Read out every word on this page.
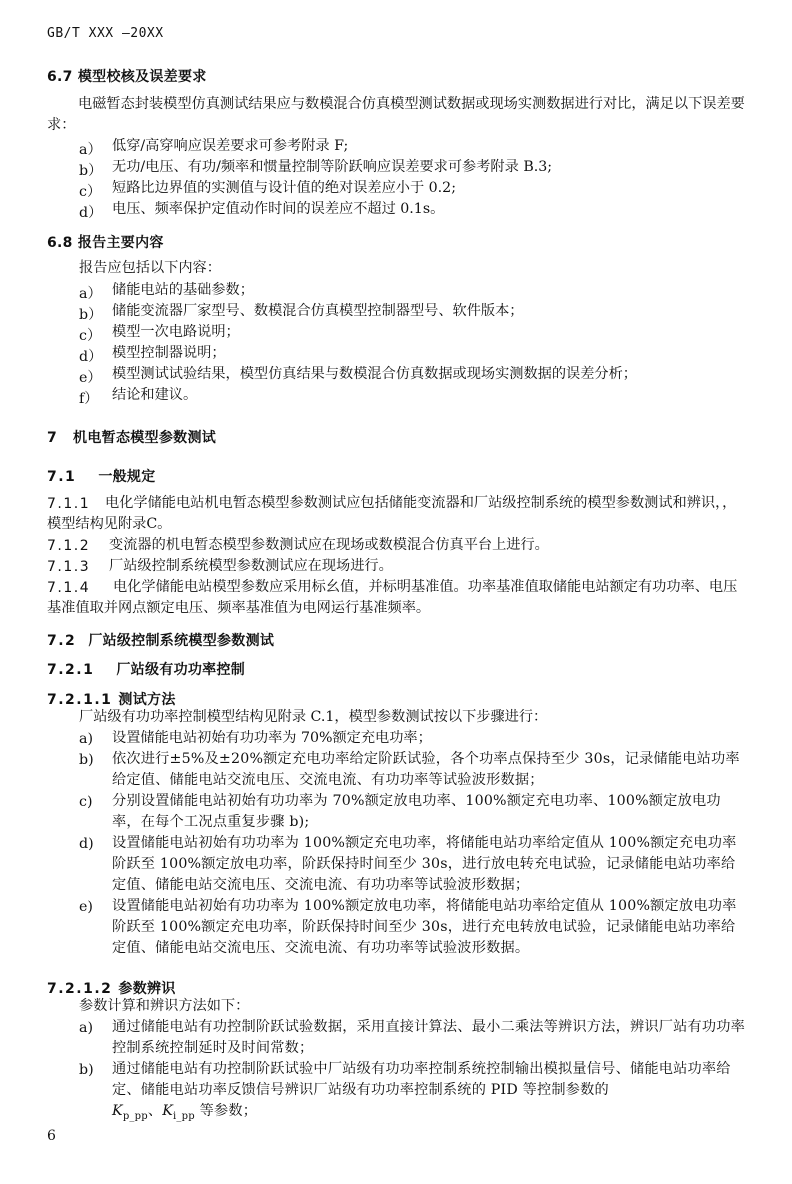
GB/T XXX —20XX
6.7 模型校核及误差要求
电磁暂态封装模型仿真测试结果应与数模混合仿真模型测试数据或现场实测数据进行对比，满足以下误差要求：
a） 低穿/高穿响应误差要求可参考附录 F;
b） 无功/电压、有功/频率和惯量控制等阶跃响应误差要求可参考附录 B.3;
c） 短路比边界值的实测值与设计值的绝对误差应小于 0.2;
d） 电压、频率保护定值动作时间的误差应不超过 0.1s。
6.8 报告主要内容
报告应包括以下内容：
a） 储能电站的基础参数；
b） 储能变流器厂家型号、数模混合仿真模型控制器型号、软件版本；
c） 模型一次电路说明；
d） 模型控制器说明；
e） 模型测试试验结果，模型仿真结果与数模混合仿真数据或现场实测数据的误差分析；
f） 结论和建议。
7 机电暂态模型参数测试
7.1 一般规定
7.1.1	电化学储能电站机电暂态模型参数测试应包括储能变流器和厂站级控制系统的模型参数测试和辨识，，模型结构见附录C。
7.1.2	变流器的机电暂态模型参数测试应在现场或数模混合仿真平台上进行。
7.1.3	厂站级控制系统模型参数测试应在现场进行。
7.1.4	电化学储能电站模型参数应采用标幺值，并标明基准值。功率基准值取储能电站额定有功功率、电压基准值取并网点额定电压、频率基准值为电网运行基准频率。
7.2 厂站级控制系统模型参数测试
7.2.1 厂站级有功功率控制
7.2.1.1 测试方法
厂站级有功功率控制模型结构见附录 C.1，模型参数测试按以下步骤进行：
a) 设置储能电站初始有功功率为 70%额定充电功率；
b) 依次进行±5%及±20%额定充电功率给定阶跃试验，各个功率点保持至少 30s，记录储能电站功率给定值、储能电站交流电压、交流电流、有功功率等试验波形数据；
c) 分别设置储能电站初始有功功率为 70%额定放电功率、100%额定充电功率、100%额定放电功率，在每个工况点重复步骤 b);
d) 设置储能电站初始有功功率为 100%额定充电功率，将储能电站功率给定值从 100%额定充电功率阶跃至 100%额定放电功率，阶跃保持时间至少 30s，进行放电转充电试验，记录储能电站功率给定值、储能电站交流电压、交流电流、有功功率等试验波形数据；
e) 设置储能电站初始有功功率为 100%额定放电功率，将储能电站功率给定值从 100%额定放电功率阶跃至 100%额定充电功率，阶跃保持时间至少 30s，进行充电转放电试验，记录储能电站功率给定值、储能电站交流电压、交流电流、有功功率等试验波形数据。
7.2.1.2 参数辨识
参数计算和辨识方法如下：
a) 通过储能电站有功控制阶跃试验数据，采用直接计算法、最小二乘法等辨识方法，辨识厂站有功功率控制系统控制延时及时间常数；
b) 通过储能电站有功控制阶跃试验中厂站级有功功率控制系统控制输出模拟量信号、储能电站功率给定、储能电站功率反馈信号辨识厂站级有功功率控制系统的 PID 等控制参数的
$K_{p\_pp}$、$K_{i\_pp}$ 等参数；
6
